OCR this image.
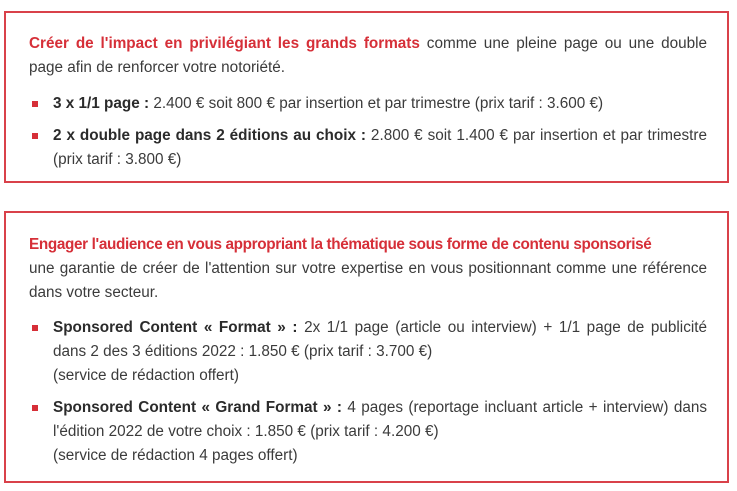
Créer de l'impact en privilégiant les grands formats comme une pleine page ou une double page afin de renforcer votre notoriété.

3 x 1/1 page : 2.400 € soit 800 € par insertion et par trimestre (prix tarif : 3.600 €)
2 x double page dans 2 éditions au choix : 2.800 € soit 1.400 € par insertion et par trimestre (prix tarif : 3.800 €)

Engager l'audience en vous appropriant la thématique sous forme de contenu sponsorisé

une garantie de créer de l'attention sur votre expertise en vous positionnant comme une référence dans votre secteur.

Sponsored Content « Format » : 2x 1/1 page (article ou interview) + 1/1 page de publicité dans 2 des 3 éditions 2022 : 1.850 € (prix tarif : 3.700 €)
(service de rédaction offert)
Sponsored Content « Grand Format » : 4 pages (reportage incluant article + interview) dans l'édition 2022 de votre choix : 1.850 € (prix tarif : 4.200 €)
(service de rédaction 4 pages offert)
